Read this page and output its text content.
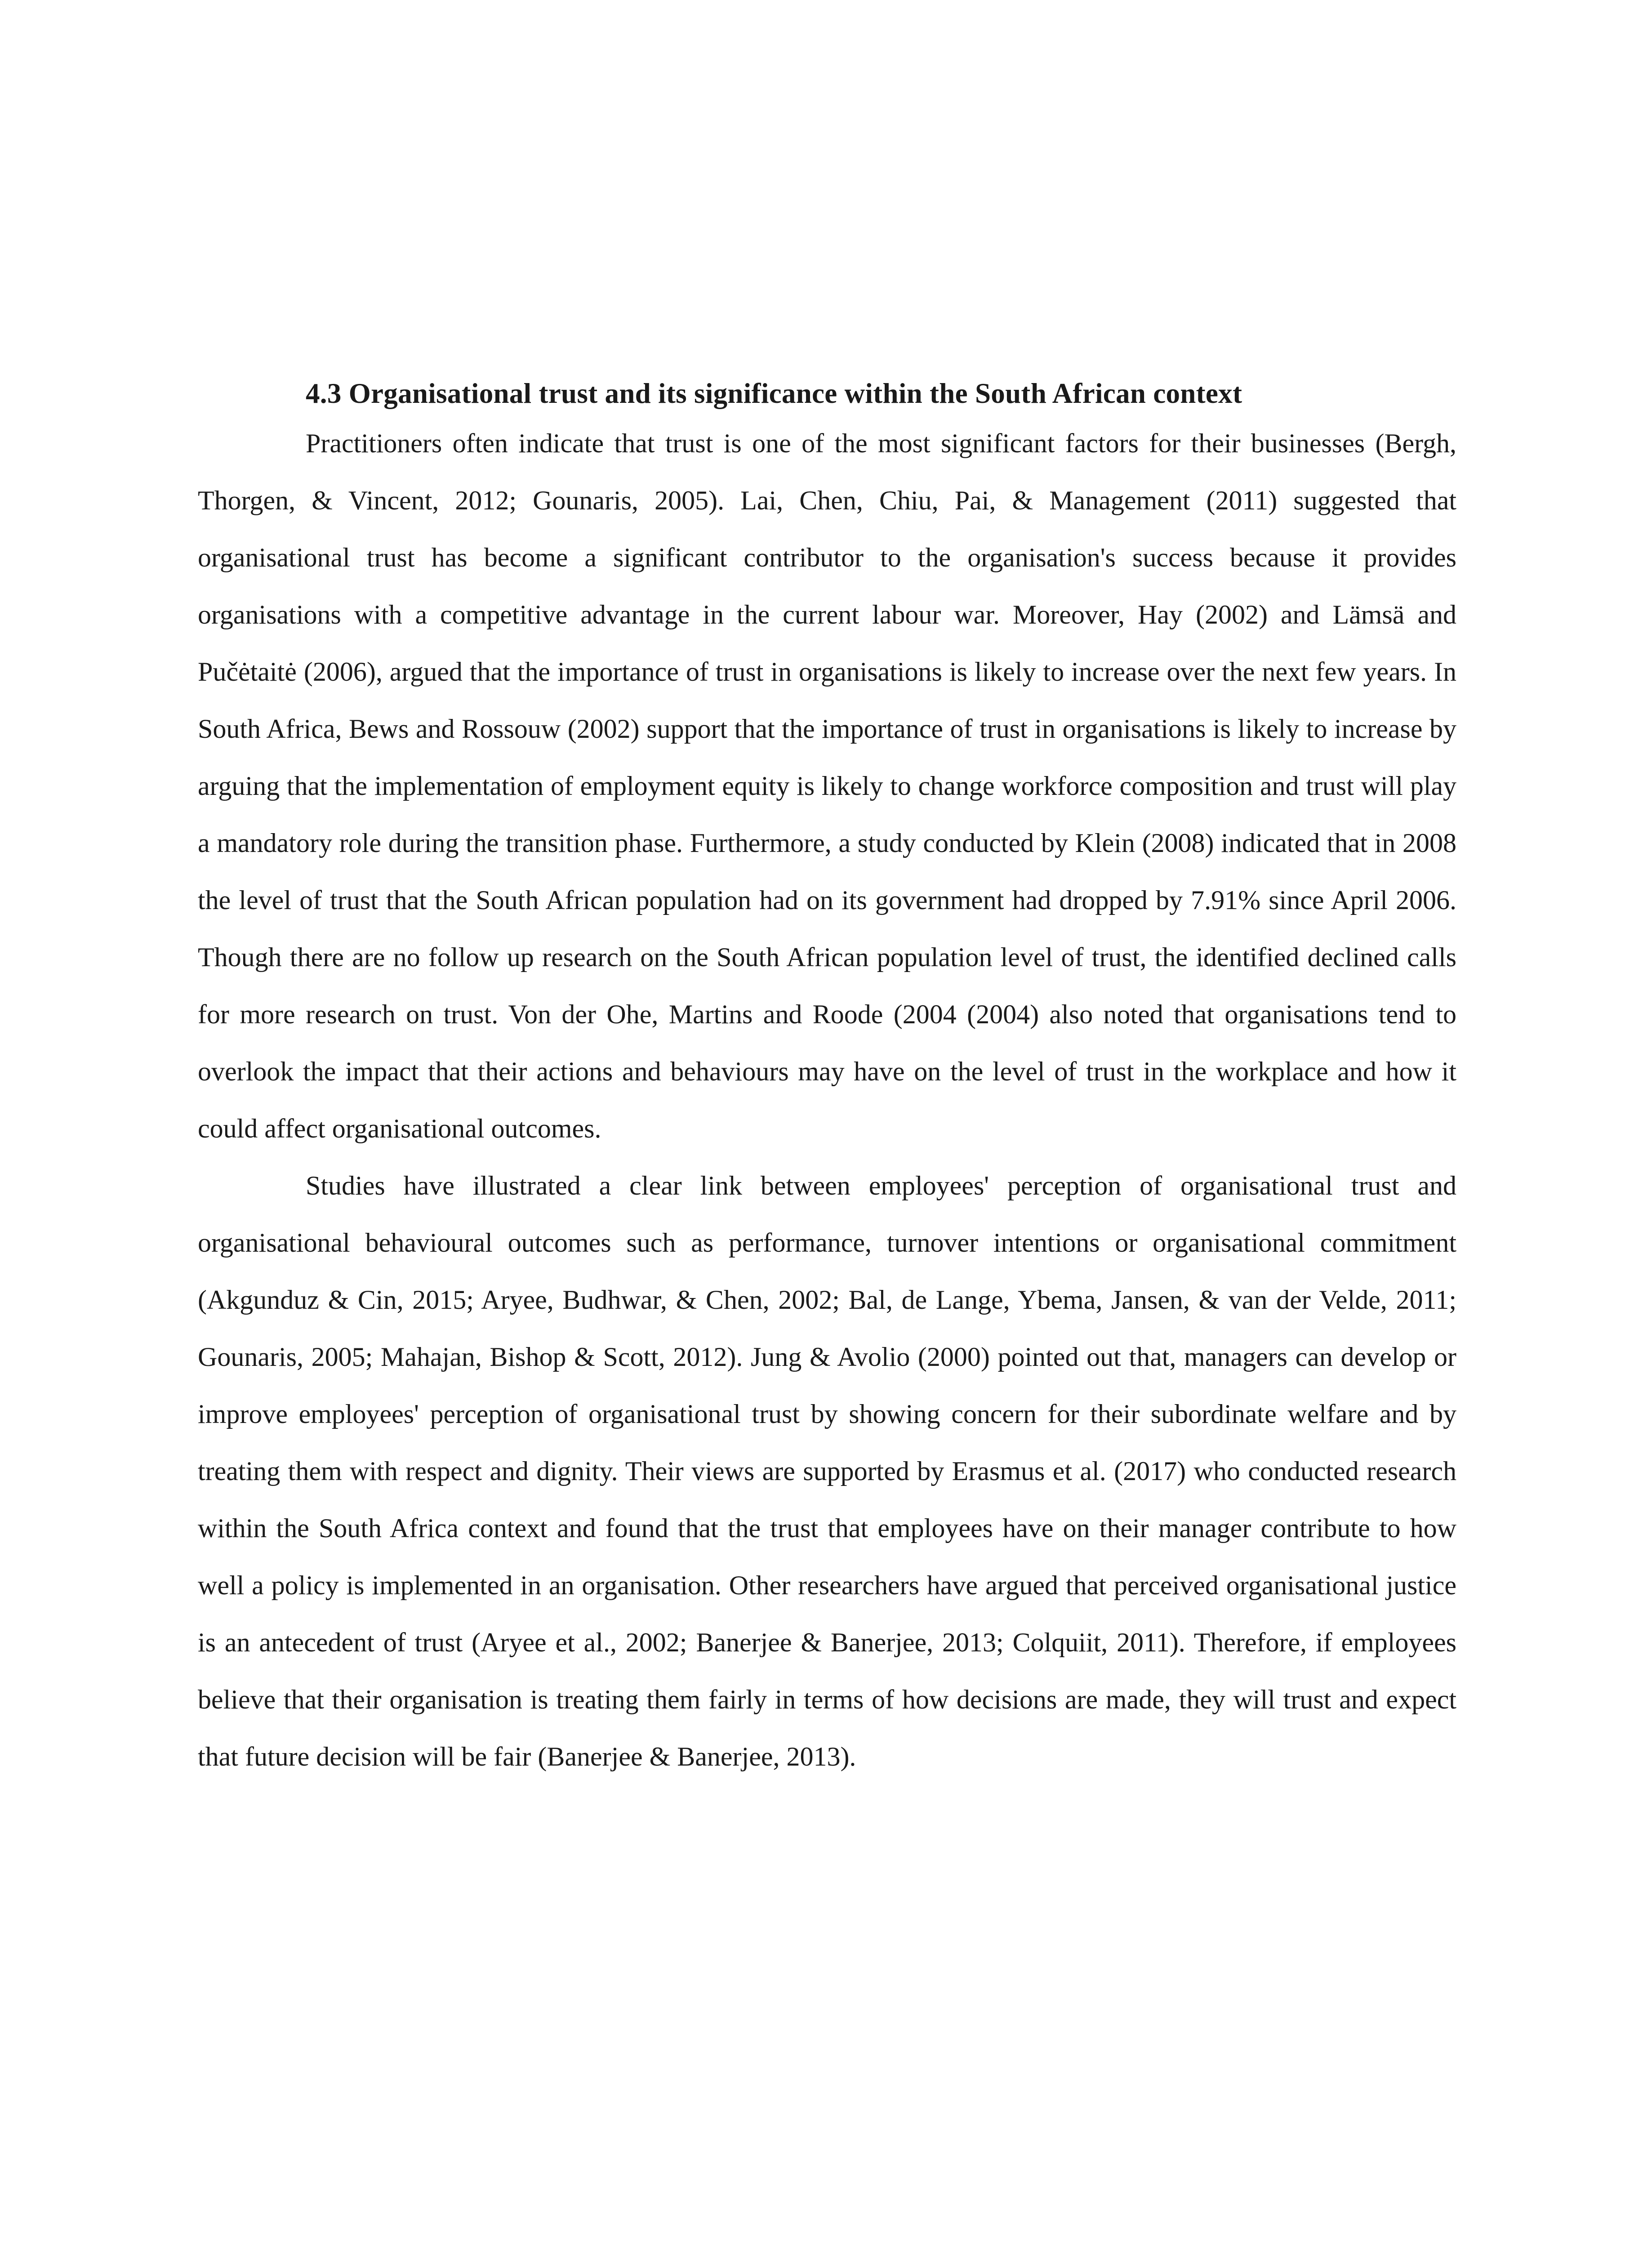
4.3 Organisational trust and its significance within the South African context

Practitioners often indicate that trust is one of the most significant factors for their businesses (Bergh, Thorgen, & Vincent, 2012; Gounaris, 2005). Lai, Chen, Chiu, Pai, & Management (2011) suggested that organisational trust has become a significant contributor to the organisation's success because it provides organisations with a competitive advantage in the current labour war. Moreover, Hay (2002) and Lämsä and Pučėtaitė (2006), argued that the importance of trust in organisations is likely to increase over the next few years. In South Africa, Bews and Rossouw (2002) support that the importance of trust in organisations is likely to increase by arguing that the implementation of employment equity is likely to change workforce composition and trust will play a mandatory role during the transition phase. Furthermore, a study conducted by Klein (2008) indicated that in 2008 the level of trust that the South African population had on its government had dropped by 7.91% since April 2006. Though there are no follow up research on the South African population level of trust, the identified declined calls for more research on trust. Von der Ohe, Martins and Roode (2004 (2004) also noted that organisations tend to overlook the impact that their actions and behaviours may have on the level of trust in the workplace and how it could affect organisational outcomes.

Studies have illustrated a clear link between employees' perception of organisational trust and organisational behavioural outcomes such as performance, turnover intentions or organisational commitment (Akgunduz & Cin, 2015; Aryee, Budhwar, & Chen, 2002; Bal, de Lange, Ybema, Jansen, & van der Velde, 2011; Gounaris, 2005; Mahajan, Bishop & Scott, 2012). Jung & Avolio (2000) pointed out that, managers can develop or improve employees' perception of organisational trust by showing concern for their subordinate welfare and by treating them with respect and dignity. Their views are supported by Erasmus et al. (2017) who conducted research within the South Africa context and found that the trust that employees have on their manager contribute to how well a policy is implemented in an organisation. Other researchers have argued that perceived organisational justice is an antecedent of trust (Aryee et al., 2002; Banerjee & Banerjee, 2013; Colquiit, 2011). Therefore, if employees believe that their organisation is treating them fairly in terms of how decisions are made, they will trust and expect that future decision will be fair (Banerjee & Banerjee, 2013).
